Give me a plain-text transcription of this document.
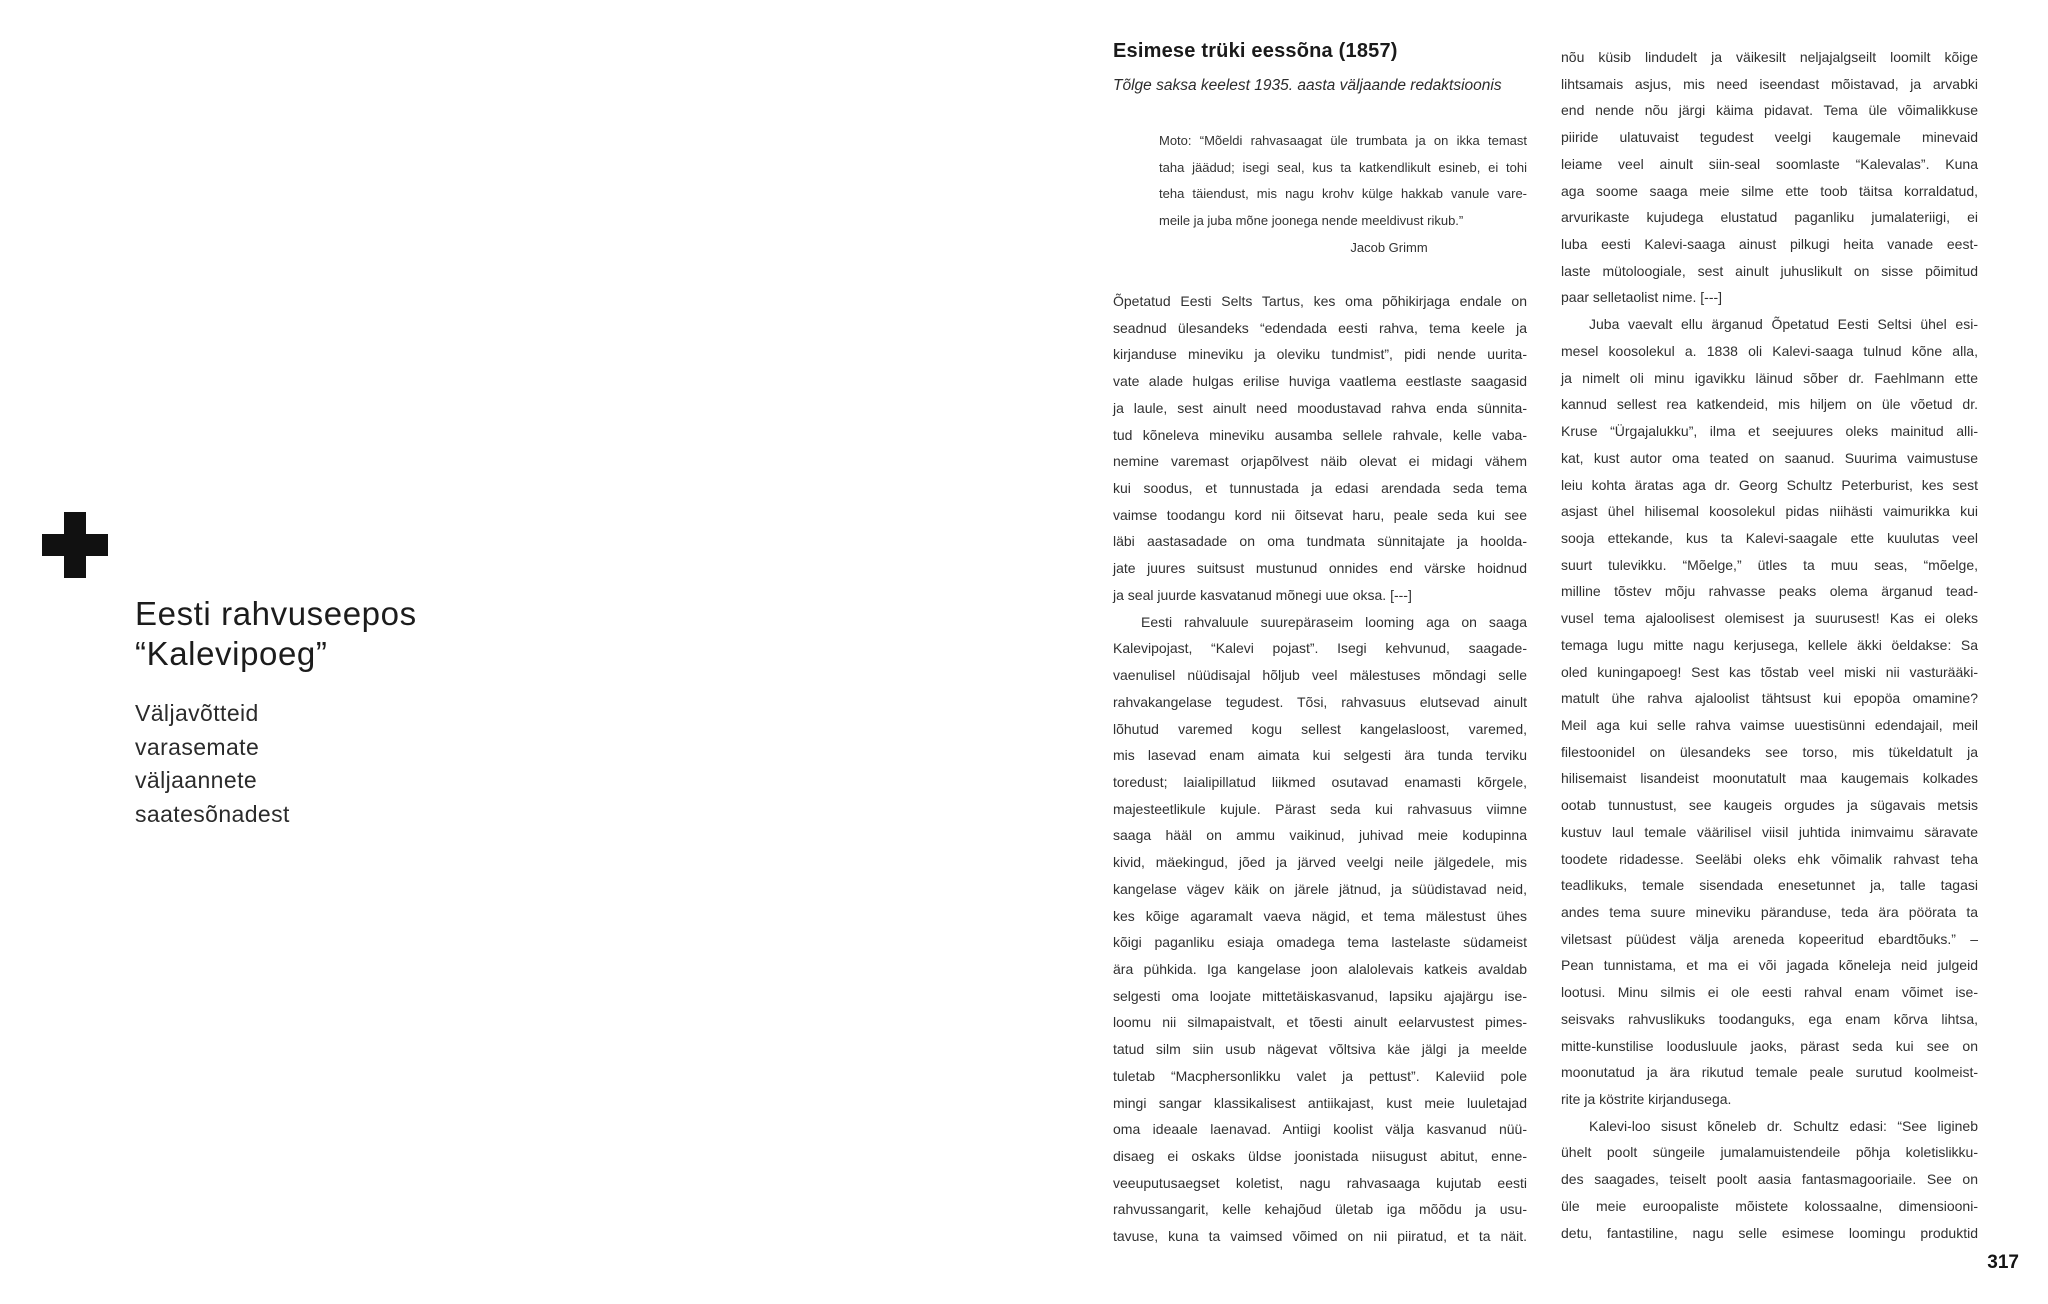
Eesti rahvuseepos
“Kalevipoeg”
Väljavõtteid
varasemate
väljaannete
saatesõnadest
Esimese trüki eessõna (1857)

Tõlge saksa keelest 1935. aasta väljaande redaktsioonis

Moto: “Mõeldi rahvasaagat üle trumbata ja on ikka temast
taha jäädud; isegi seal, kus ta katkendlikult esineb, ei tohi
teha täiendust, mis nagu krohv külge hakkab vanule vare-
meile ja juba mõne joonega nende meeldivust rikub.”
Jacob Grimm
Õpetatud Eesti Selts Tartus, kes oma põhikirjaga endale on
seadnud ülesandeks “edendada eesti rahva, tema keele ja
kirjanduse mineviku ja oleviku tundmist”, pidi nende uurita-
vate alade hulgas erilise huviga vaatlema eestlaste saagasid
ja laule, sest ainult need moodustavad rahva enda sünnita-
tud kõneleva mineviku ausamba sellele rahvale, kelle vaba-
nemine varemast orjapõlvest näib olevat ei midagi vähem
kui soodus, et tunnustada ja edasi arendada seda tema
vaimse toodangu kord nii õitsevat haru, peale seda kui see
läbi aastasadade on oma tundmata sünnitajate ja hoolda-
jate juures suitsust mustunud onnides end värske hoidnud
ja seal juurde kasvatanud mõnegi uue oksa. [---]
Eesti rahvaluule suurepäraseim looming aga on saaga
Kalevipojast, “Kalevi pojast”. Isegi kehvunud, saagade-
vaenulisel nüüdisajal hõljub veel mälestuses mõndagi selle
rahvakangelase tegudest. Tõsi, rahvasuus elutsevad ainult
lõhutud varemed kogu sellest kangelasloost, varemed,
mis lasevad enam aimata kui selgesti ära tunda terviku
toredust; laialipillatud liikmed osutavad enamasti kõrgele,
majesteetlikule kujule. Pärast seda kui rahvasuus viimne
saaga hääl on ammu vaikinud, juhivad meie kodupinna
kivid, mäekingud, jõed ja järved veelgi neile jälgedele, mis
kangelase vägev käik on järele jätnud, ja süüdistavad neid,
kes kõige agaramalt vaeva nägid, et tema mälestust ühes
kõigi paganliku esiaja omadega tema lastelaste südameist
ära pühkida. Iga kangelase joon alalolevais katkeis avaldab
selgesti oma loojate mittetäiskasvanud, lapsiku ajajärgu ise-
loomu nii silmapaistvalt, et tõesti ainult eelarvustest pimes-
tatud silm siin usub nägevat võltsiva käe jälgi ja meelde
tuletab “Macphersonlikku valet ja pettust”. Kaleviid pole
mingi sangar klassikalisest antiikajast, kust meie luuletajad
oma ideaale laenavad. Antiigi koolist välja kasvanud nüü-
disaeg ei oskaks üldse joonistada niisugust abitut, enne-
veeuputusaegset koletist, nagu rahvasaaga kujutab eesti
rahvussangarit, kelle kehajõud ületab iga mõõdu ja usu-
tavuse, kuna ta vaimsed võimed on nii piiratud, et ta näit.
nõu küsib lindudelt ja väikesilt neljajalgseilt loomilt kõige
lihtsamais asjus, mis need iseendast mõistavad, ja arvabki
end nende nõu järgi käima pidavat. Tema üle võimalikkuse
piiride ulatuvaist tegudest veelgi kaugemale minevaid
leiame veel ainult siin-seal soomlaste “Kalevalas”. Kuna
aga soome saaga meie silme ette toob täitsa korraldatud,
arvurikaste kujudega elustatud paganliku jumalateriigi, ei
luba eesti Kalevi-saaga ainust pilkugi heita vanade eest-
laste mütoloogiale, sest ainult juhuslikult on sisse põimitud
paar selletaolist nime. [---]
Juba vaevalt ellu ärganud Õpetatud Eesti Seltsi ühel esi-
mesel koosolekul a. 1838 oli Kalevi-saaga tulnud kõne alla,
ja nimelt oli minu igavikku läinud sõber dr. Faehlmann ette
kannud sellest rea katkendeid, mis hiljem on üle võetud dr.
Kruse “Ürgajalukku”, ilma et seejuures oleks mainitud alli-
kat, kust autor oma teated on saanud. Suurima vaimustuse
leiu kohta äratas aga dr. Georg Schultz Peterburist, kes sest
asjast ühel hilisemal koosolekul pidas niihästi vaimurikka kui
sooja ettekande, kus ta Kalevi-saagale ette kuulutas veel
suurt tulevikku. “Mõelge,” ütles ta muu seas, “mõelge,
milline tõstev mõju rahvasse peaks olema ärganud tead-
vusel tema ajaloolisest olemisest ja suurusest! Kas ei oleks
temaga lugu mitte nagu kerjusega, kellele äkki öeldakse: Sa
oled kuningapoeg! Sest kas tõstab veel miski nii vasturääki-
matult ühe rahva ajaloolist tähtsust kui epopöa omamine?
Meil aga kui selle rahva vaimse uuestisünni edendajail, meil
filestoonidel on ülesandeks see torso, mis tükeldatult ja
hilisemaist lisandeist moonutatult maa kaugemais kolkades
ootab tunnustust, see kaugeis orgudes ja sügavais metsis
kustuv laul temale väärilisel viisil juhtida inimvaimu säravate
toodete ridadesse. Seeläbi oleks ehk võimalik rahvast teha
teadlikuks, temale sisendada enesetunnet ja, talle tagasi
andes tema suure mineviku päranduse, teda ära pöörata ta
viletsast püüdest välja areneda kopeeritud ebardtõuks.” –
Pean tunnistama, et ma ei või jagada kõneleja neid julgeid
lootusi. Minu silmis ei ole eesti rahval enam võimet ise-
seisvaks rahvuslikuks toodanguks, ega enam kõrva lihtsa,
mitte-kunstilise loodusluule jaoks, pärast seda kui see on
moonutatud ja ära rikutud temale peale surutud koolmeist-
rite ja köstrite kirjandusega.
Kalevi-loo sisust kõneleb dr. Schultz edasi: “See ligineb
ühelt poolt süngeile jumalamuistendeile põhja koletislikku-
des saagades, teiselt poolt aasia fantasmagooriaile. See on
üle meie euroopaliste mõistete kolossaalne, dimensiooni-
detu, fantastiline, nagu selle esimese loomingu produktid
317
